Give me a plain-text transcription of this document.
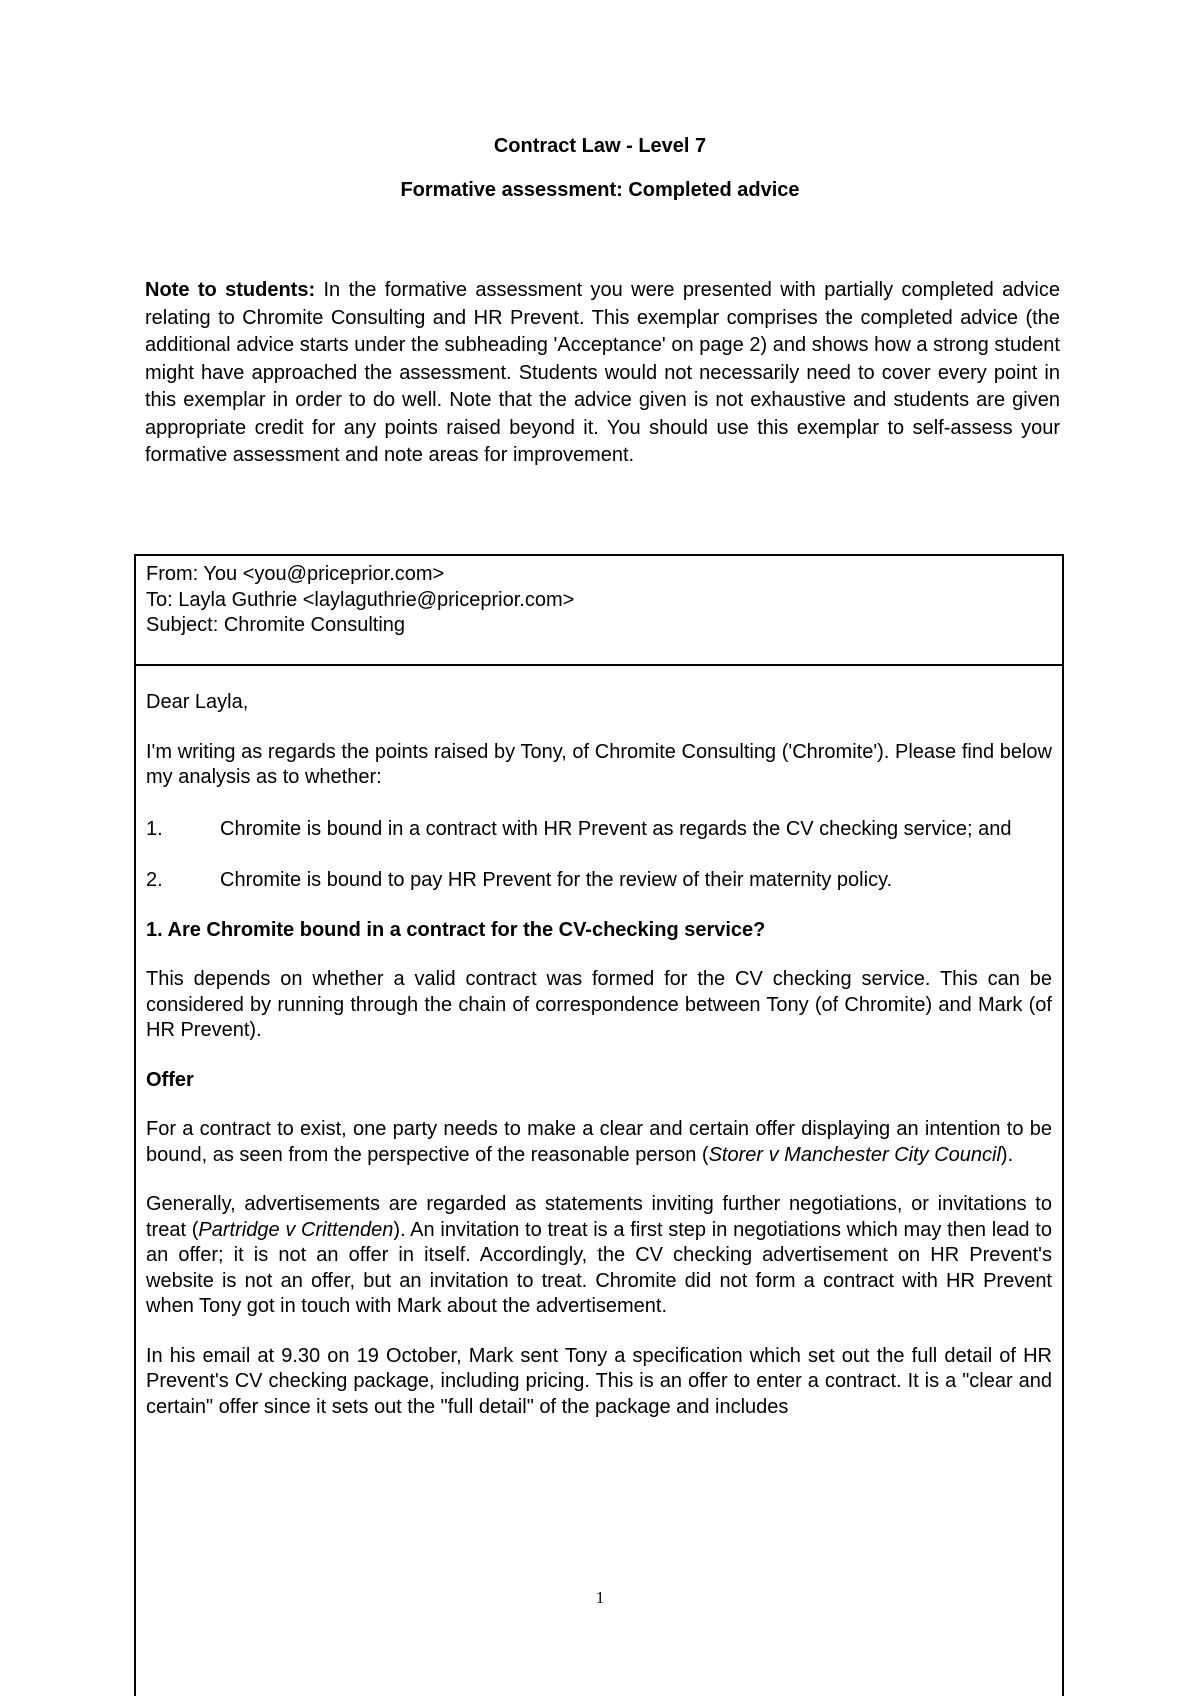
Contract Law - Level 7
Formative assessment: Completed advice
Note to students: In the formative assessment you were presented with partially completed advice relating to Chromite Consulting and HR Prevent. This exemplar comprises the completed advice (the additional advice starts under the subheading 'Acceptance' on page 2) and shows how a strong student might have approached the assessment. Students would not necessarily need to cover every point in this exemplar in order to do well. Note that the advice given is not exhaustive and students are given appropriate credit for any points raised beyond it. You should use this exemplar to self-assess your formative assessment and note areas for improvement.
From: You <you@priceprior.com>
To: Layla Guthrie <laylaguthrie@priceprior.com>
Subject: Chromite Consulting

Dear Layla,

I'm writing as regards the points raised by Tony, of Chromite Consulting ('Chromite'). Please find below my analysis as to whether:

1.	Chromite is bound in a contract with HR Prevent as regards the CV checking service; and
2.	Chromite is bound to pay HR Prevent for the review of their maternity policy.

1. Are Chromite bound in a contract for the CV-checking service?

This depends on whether a valid contract was formed for the CV checking service. This can be considered by running through the chain of correspondence between Tony (of Chromite) and Mark (of HR Prevent).

Offer

For a contract to exist, one party needs to make a clear and certain offer displaying an intention to be bound, as seen from the perspective of the reasonable person (Storer v Manchester City Council).

Generally, advertisements are regarded as statements inviting further negotiations, or invitations to treat (Partridge v Crittenden). An invitation to treat is a first step in negotiations which may then lead to an offer; it is not an offer in itself. Accordingly, the CV checking advertisement on HR Prevent's website is not an offer, but an invitation to treat. Chromite did not form a contract with HR Prevent when Tony got in touch with Mark about the advertisement.

In his email at 9.30 on 19 October, Mark sent Tony a specification which set out the full detail of HR Prevent's CV checking package, including pricing. This is an offer to enter a contract. It is a "clear and certain" offer since it sets out the "full detail" of the package and includes

1
